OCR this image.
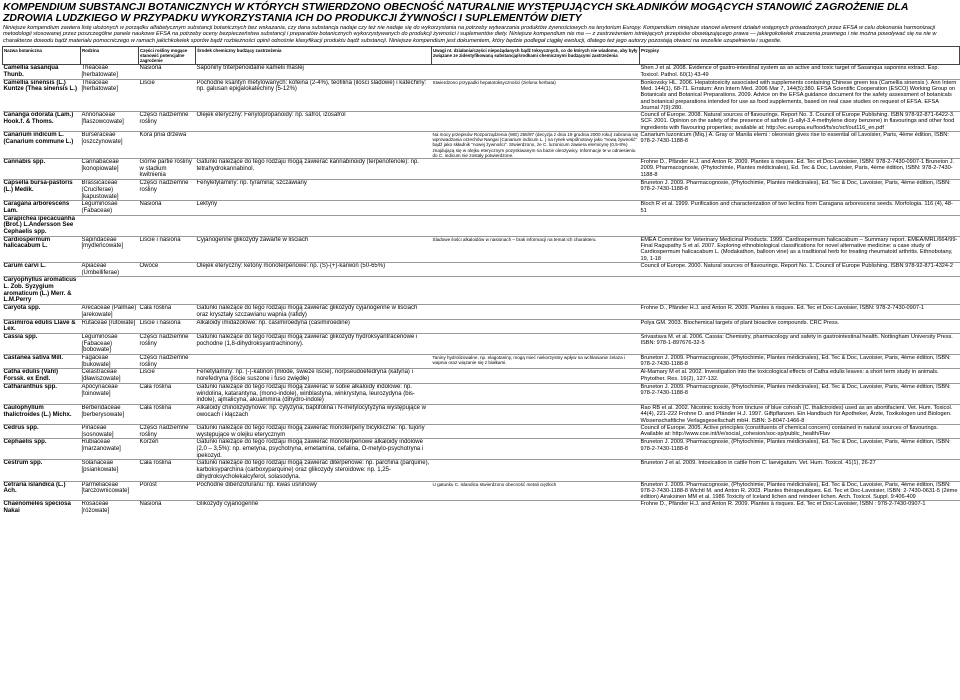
KOMPENDIUM SUBSTANCJI BOTANICZNYCH W KTÓRYCH STWIERDZONO OBECNOŚĆ NATURALNIE WYSTĘPUJĄCYCH SKŁADNIKÓW MOGĄCYCH STANOWIĆ ZAGROŻENIE DLA ZDROWIA LUDZKIEGO W PRZYPADKU WYKORZYSTANIA ICH DO PRODUKCJI ŻYWNOŚCI I SUPLEMENTÓW DIETY
Niniejsze kompendium zawiera listę ułożonych w porządku alfabetycznym substancji botanicznych bez wskazania, czy dana substancja nadaje czy też nie nadaje się do wykorzystania na potrzeby wytwarzania produktów żywnościowych na terytorium Europy. Kompendium niniejsze stanowi element działań wstępnych prowadzonych przez EFSA w celu dokonania harmonizacji metodologii stosowanej przez poszczególne panele naukowe EFSA na potrzeby oceny bezpieczeństwa substancji i preparatów botanicznych wykorzystywanych do produkcji żywności i suplementów diety. Niniejsze kompendium nie ma — z zastrzeżeniem istniejących przepisów obowiązującego prawa — jakiegokolwiek znaczenia prawnego i nie można powoływać się na nie w charakterze dowodu bądź materiału pomocniczego w ramach jakichkolwiek sporów bądź rozbieżności opinii odnośnie klasyfikacji produktu bądź substancji. Niniejsze kompendium jest dokumentem, który będzie podlegał ciągłej ewolucji, dlatego też jego autorzy pozostają otwarci na wszelkie uzupełnienia i sugestie.
Nazwa botaniczna	Rodzina	Części rośliny mogące stanowić potencjalne zagrożenie	Środek chemiczny budzący zastrzeżenia	Uwagi nt. działania/części niepożądanych bądź toksycznych, co do których nie wiadomo, aby były związane ze zidentyfikowaną substancją/środkami chemicznymi budzącymi zastrzeżenia	Przypisy
Camellia sasanqua Thunb.	Theaceae [herbatowate]	Nasiona	Saponiny triterpenoidalne kamelii maślej		Shen J et al. 2008. Evidence of gastro-intestinal system as an active and toxic target of Sasanqua saponins extract. Exp. Toxicol. Pathol. 60(1) 43-49
Camellia sinensis (L.) Kuntze (Thea sinensis L.)	Theaceae [herbatowate]	Liście	Pochodne ksantyn metylowanych: kofeina (2-4%), teofilina (ilości śladowe) i katechiny: np. galusan epigalokatechiny (5-12%)	Stwierdzono przypadki hepatotoksyczności (zielona herbata)	Bonkovsky HL. 2006. Hepatotoxicity associated with supplements containing Chinese green tea (Camellia sinensis ). Ann Intern Med. 144(1), 68-71. Erratum: Ann Intern Med. 2006 Mar 7, 144(5):380. EFSA Scientific Cooperation (ESCO) Working Group on Botanicals and Botanical Preparations. 2009. Advice on the EFSA guidance document for the safety assessment of botanicals and botanical preparations intended for use as food supplements, based on real case studies on request of EFSA. EFSA Journal 7(9):280.
Cananga odorata (Lam.) Hook.f. & Thoms.	Annonaceae [flaszowcowate]	Części nadziemne rośliny	Olejek eteryczny: Fenylopropanoidy: np. safrol, izosafrol		Council of Europe. 2008. Natural sources of flavourings. Report No. 3. Council of Europe Publishing. ISBN 978-92-871-6422-3. SCF. 2001. Opinion on the safety of the presence of safrole (1-allyl-3,4-methylene dioxy benzene) in flavourings and other food ingredients with flavouring properties; available at: http://ec.europa.eu/food/fs/sc/scf/out116_en.pdf
Canarium indicum L. (Canarium commune L.)	Burseraceae [oszczynowate]	Kora pnia drzewa		Na mocy przepisów Rozporządzenia (WE) 258/97 (decyzja z dnia 19 grudnia 2000 roku) zabrania się wprowadzania orzechów Nangai (Canarium indicum L. ) na rynek wspólnotowy jako "nową żywność" bądź jako składnik "nowej żywności". Stwierdzono, że C. luzonicum zawiera elemicynę (0,5-8%) znajdującą się w olejku eterycznym pozyskiwanym na bazie oleożywicy. Informacje te w odniesieniu do C. indicum nie zostały potwierdzone.	Canarium luzonicum (Miq.) A. Gray or Manila elemi : oleoresin gives rise to essential oil Lavoisier, Paris, 4ème édition, ISBN: 978-2-7430-1188-8
Cannabis spp.	Cannabaceae [konopiowate]	Górne partie rośliny w stadium kwitnienia	Gatunki należące do tego rodzaju mogą zawierać kannabinoidy (terpenofenole): np. tetrahydrokannabinol.		Frohne D., Pfänder H.J. and Anton R. 2009. Plantes à risques. Ed. Tec et Doc-Lavoisier, ISBN: 978-2-7430-0907-1 Bruneton J. 2009. Pharmacognosie, (Phytochimie, Plantes médicinales), Ed. Tec & Doc, Lavoisier, Paris, 4ème édition, ISBN: 978-2-7430-1188-8
Capsella bursa-pastoris (L.) Medik.	Brassicaceae (Cruciferae) [kapustowate]	Części nadziemne rośliny	Fenyletylaminy: np. tyramina; szczawiany		Bruneton J. 2009. Pharmacognosie, (Phytochimie, Plantes médicinales), Ed. Tec & Doc, Lavoisier, Paris, 4ème édition, ISBN: 978-2-7430-1188-8
Caragana arborescens Lam.	Leguminosae (Fabaceae)	Nasiona	Lektyny		Bloch R et al. 1999. Purification and characterization of two lectins from Caragana arborescens seeds. Morfologia. 116 (4), 48-51
Carapichea ipecacuanha (Brot.) L.Andersson See Cephaelis spp.					
Cardiospermum halicacabum L.	Sapindaceae [mydleńcowate]	Liście i nasiona	Cyjanogenne glikozydy zawarte w liściach	Śladowe ilości alkaloidów w nasionach – brak informacji na temat ich charakteru.	EMEA Commitee for Veterinary Medicinal Products. 1999. Cardiospermum halicacabum – Summary report. EMEA/MRL/664/99-Final Ragupathy S et al. 2007. Exploring ethnobiological classifications for novel alternative medicine: a case study of Cardiospermum halicacabum L. (Modakathon, balloon vine) as a traditional herb for treating rheumatoid arthritis. Ethnobotany, 19, 1-18
Carum carvi L.	Apiaceae (Umbelliferae)	Owoce	Olejek eteryczny: ketony monoterpenowe: np. (S)-(+)-karwon (50-65%)		Council of Europe. 2000. Natural sources of flavourings. Report No. 1. Council of Europe Publishing. ISBN 978-92-871-4324-2
Caryophyllus aromaticus L. Zob. Syzygium aromaticum (L.) Merr. & L.M.Perry					
Caryota spp.	Arecaceae (Palmae) [arekowate]	Cała roślina	Gatunki należące do tego rodzaju mogą zawierać glikozydy cyjanogenne w liściach oraz kryształy szczawianu wapnia (rafidy)		Frohne D., Pfänder H.J. and Anton R. 2009. Plantes à risques. Ed. Tec et Doc-Lavoisier, ISBN: 978-2-7430-0907-1
Casimiroa edulis Llave & Lex.	Rutaceae [rutowate]	Liście i nasiona	Alkaloidy imidazolowe: np. casimiroedyna (casimiroedine)		Polya GM. 2003. Biochemical targets of plant bioactive compounds. CRC Press.
Cassia spp.	Leguminosae (Fabaceae) [bobowate]	Części nadziemne rośliny	Gatunki należące do tego rodzaju mogą zawierać glikozydy hydroksyantracenowe i pochodne (1,8-dihydroksyantrachinony).		Srivastava M. et al. 2006. Cassia: Chemistry, pharmacology and safety in gastrointestinal health. Nottingham University Press. ISBN: 978-1-897676-32-5
Castanea sativa Mill.	Fagaceae [bukowate]	Części nadziemne rośliny		Taniny hydrolizowalne, np. elagotaniny, mogą mieć niekorzystny wpływ na wchłanianie żelaza i wapnia oraz wiązanie się z białkami.	Bruneton J. 2009. Pharmacognosie, (Phytochimie, Plantes médicinales), Ed. Tec & Doc, Lavoisier, Paris, 4ème édition, ISBN: 978-2-7430-1188-8
Catha edulis (Vahl) Forssk. ex Endl.	Celastraceae [dławiszowate]	Liście	Fenetylaminy: np. (-)-katinon (młode, świeże liście), norpseudoefedryna (katyna) i norefedryna (liście suszone i fuso zwiędłe)		Al-Mamary M et al. 2002. Investigation into the toxicological effects of Catha edulis leaves: a short term study in animals. Phytother. Res. 16(2), 127-132.
Catharanthus spp.	Apocynaceae [toinowate]	Cała roślina	Gatunki należące do tego rodzaju mogą zawierać w sobie alkaloidy indolowe: np. windolina, katarantyna, (mono-indole), winblastyna, winkrystyna, leurozydyna (bis-indole), ajmalicyna, akuammina (dihydro-indole)		Bruneton J. 2009. Pharmacognosie, (Phytochimie, Plantes médicinales), Ed. Tec & Doc, Lavoisier, Paris, 4ème édition, ISBN: 978-2-7430-1188-8
Caulophyllum thalictroides (L.) Michx.	Berberidaceae [berberysowate]	Cała roślina	Alkaloidy chinolizydynowe: np. cytyzyna, baptifolina i N-metylocytyzyna występujące w owocach i kłączach		Rao RB et al. 2002. Nicotinic toxicity from tincture of blue cohosh (C. thalictroides) used as an abortifacient. Vet. Hum. Toxicol. 44(4), 221-222 Frohne D. and Pfänder H.J. 1997. Giftpflanzen. Ein Handbuch für Apotheker, Ärzte, Toxikologen und Biologen. Wissenschaftliche Verlagsgesellschaft mbH. ISBN: 3-8047-1466-8
Cedrus spp.	Pinaceae [sosnowate]	Części nadziemne rośliny	Gatunki należące do tego rodzaju mogą zawierać monoterpeny bicykliczne: np. tujony występujące w olejku eterycznym		Council of Europe. 2005. Active principles (constituents of chemical concern) contained in natural sources of flavourings. Available at: http://www.coe.int/t/e/social_cohesion/soc-sp/public_health/Flav
Cephaelis spp.	Rubiaceae [marzanowate]	Korzeń	Gatunki należące do tego rodzaju mogą zawierać monoterpenowe alkaloidy indolowe (2,0 – 3,5%): np. emetyna, psychotryna, emetamina, cefalina, O-metylo-psychotryna i ipekozyd.		Bruneton J. 2009. Pharmacognosie, (Phytochimie, Plantes médicinales), Ed. Tec & Doc, Lavoisier, Paris, 4ème édition, ISBN: 978-2-7430-1188-8
Cestrum spp.	Solanaceae [psiankowate]	Cała roślina	Gatunki należące do tego rodzaju mogą zawierać diterpenowe: np. parchina (parquine), karboksyparchina (carboxyparquine) oraz glikozydy steroidowe: np. 1,25-dihydroksycholekalcyferol, solasodyna.		Bruneton J et al. 2009. Intoxication in cattle from C. laevigatum. Vet. Hum. Toxicol. 41(1), 26-27
Cetraria islandica (L.) Ach.	Parmeliaceae [tarczownicowate]	Porost	Pochodne dibenzofuranu: np. kwas usninowy	U gatunku C. islandica stwierdzono obecność metali ciężkich	Bruneton J. 2009. Pharmacognosie, (Phytochimie, Plantes médicinales), Ed. Tec & Doc, Lavoisier, Paris, 4ème édition, ISBN: 978-2-7430-1188-8 Wichtl M. and Anton R. 2003. Plantes thérapeutiques. Ed. Tec et Doc-Lavoisier, ISBN: 2-7430-0631-5 (2ème édition) Airaksinen MM et al. 1986 Toxicity of Iceland lichen and reindeer lichen. Arch. Toxicol. Suppl. 9:406-409
Chaenomeles speciosa Nakai	Rosaceae [różowate]	Nasiona	Glikozydy cyjanogenne		Frohne D., Pfänder H.J. and Anton R. 2009. Plantes à risques. Ed. Tec et Doc-Lavoisier, ISBN : 978-2-7430-0907-1
